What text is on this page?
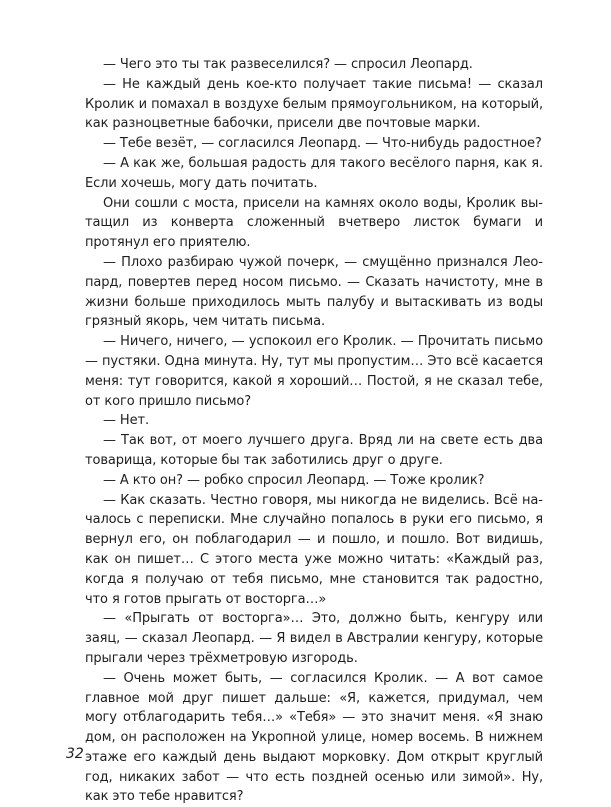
— Чего это ты так развеселился? — спросил Леопард.

— Не каждый день кое-кто получает такие письма! — сказал Кролик и помахал в воздухе белым прямоугольником, на который, как разноцветные бабочки, присели две почтовые марки.

— Тебе везёт, — согласился Леопард. — Что-нибудь радостное?

— А как же, большая радость для такого весёлого парня, как я. Если хочешь, могу дать почитать.

Они сошли с моста, присели на камнях около воды, Кролик вытащил из конверта сложенный вчетверо листок бумаги и протянул его приятелю.

— Плохо разбираю чужой почерк, — смущённо признался Леопард, повертев перед носом письмо. — Сказать начистоту, мне в жизни больше приходилось мыть палубу и вытаскивать из воды грязный якорь, чем читать письма.

— Ничего, ничего, — успокоил его Кролик. — Прочитать письмо — пустяки. Одна минута. Ну, тут мы пропустим… Это всё касается меня: тут говорится, какой я хороший… Постой, я не сказал тебе, от кого пришло письмо?

— Нет.

— Так вот, от моего лучшего друга. Вряд ли на свете есть два товарища, которые бы так заботились друг о друге.

— А кто он? — робко спросил Леопард. — Тоже кролик?

— Как сказать. Честно говоря, мы никогда не виделись. Всё началось с переписки. Мне случайно попалось в руки его письмо, я вернул его, он поблагодарил — и пошло, и пошло. Вот видишь, как он пишет… С этого места уже можно читать: «Каждый раз, когда я получаю от тебя письмо, мне становится так радостно, что я готов прыгать от восторга…»

— «Прыгать от восторга»… Это, должно быть, кенгуру или заяц, — сказал Леопард. — Я видел в Австралии кенгуру, которые прыгали через трёхметровую изгородь.

— Очень может быть, — согласился Кролик. — А вот самое главное мой друг пишет дальше: «Я, кажется, придумал, чем могу отблагодарить тебя…» «Тебя» — это значит меня. «Я знаю дом, он расположен на Укропной улице, номер восемь. В нижнем этаже его каждый день выдают морковку. Дом открыт круглый год, никаких забот — что есть поздней осенью или зимой». Ну, как это тебе нравится?

32
